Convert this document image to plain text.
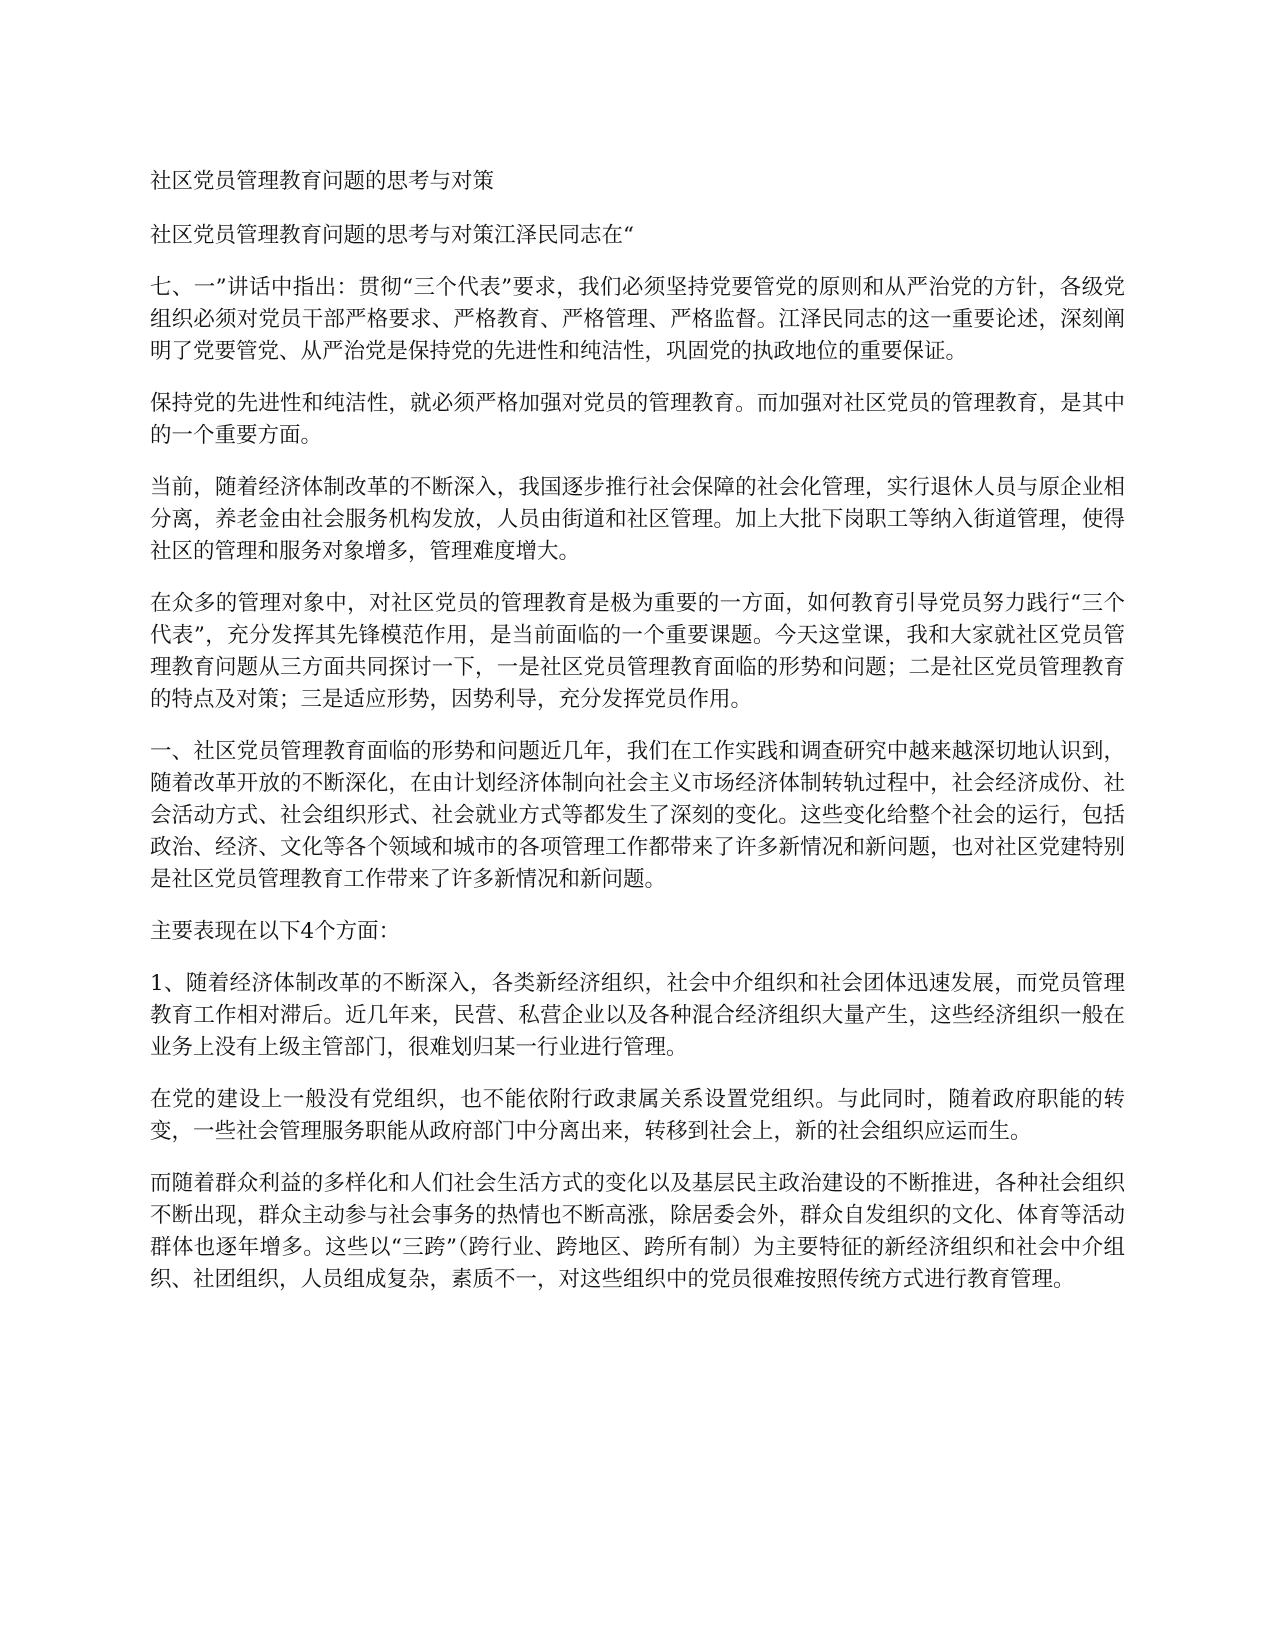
社区党员管理教育问题的思考与对策

社区党员管理教育问题的思考与对策江泽民同志在“

七、一”讲话中指出：贯彻“三个代表”要求，我们必须坚持党要管党的原则和从严治党的方针，各级党组织必须对党员干部严格要求、严格教育、严格管理、严格监督。江泽民同志的这一重要论述，深刻阐明了党要管党、从严治党是保持党的先进性和纯洁性，巩固党的执政地位的重要保证。

保持党的先进性和纯洁性，就必须严格加强对党员的管理教育。而加强对社区党员的管理教育，是其中的一个重要方面。

当前，随着经济体制改革的不断深入，我国逐步推行社会保障的社会化管理，实行退休人员与原企业相分离，养老金由社会服务机构发放，人员由街道和社区管理。加上大批下岗职工等纳入街道管理，使得社区的管理和服务对象增多，管理难度增大。

在众多的管理对象中，对社区党员的管理教育是极为重要的一方面，如何教育引导党员努力践行“三个代表”，充分发挥其先锋模范作用，是当前面临的一个重要课题。今天这堂课，我和大家就社区党员管理教育问题从三方面共同探讨一下，一是社区党员管理教育面临的形势和问题；二是社区党员管理教育的特点及对策；三是适应形势，因势利导，充分发挥党员作用。

一、社区党员管理教育面临的形势和问题近几年，我们在工作实践和调查研究中越来越深切地认识到，随着改革开放的不断深化，在由计划经济体制向社会主义市场经济体制转轨过程中，社会经济成份、社会活动方式、社会组织形式、社会就业方式等都发生了深刻的变化。这些变化给整个社会的运行，包括政治、经济、文化等各个领域和城市的各项管理工作都带来了许多新情况和新问题，也对社区党建特别是社区党员管理教育工作带来了许多新情况和新问题。

主要表现在以下4个方面：

1、随着经济体制改革的不断深入，各类新经济组织，社会中介组织和社会团体迅速发展，而党员管理教育工作相对滞后。近几年来，民营、私营企业以及各种混合经济组织大量产生，这些经济组织一般在业务上没有上级主管部门，很难划归某一行业进行管理。

在党的建设上一般没有党组织，也不能依附行政隶属关系设置党组织。与此同时，随着政府职能的转变，一些社会管理服务职能从政府部门中分离出来，转移到社会上，新的社会组织应运而生。

而随着群众利益的多样化和人们社会生活方式的变化以及基层民主政治建设的不断推进，各种社会组织不断出现，群众主动参与社会事务的热情也不断高涨，除居委会外，群众自发组织的文化、体育等活动群体也逐年增多。这些以“三跨”（跨行业、跨地区、跨所有制）为主要特征的新经济组织和社会中介组织、社团组织，人员组成复杂，素质不一，对这些组织中的党员很难按照传统方式进行教育管理。
